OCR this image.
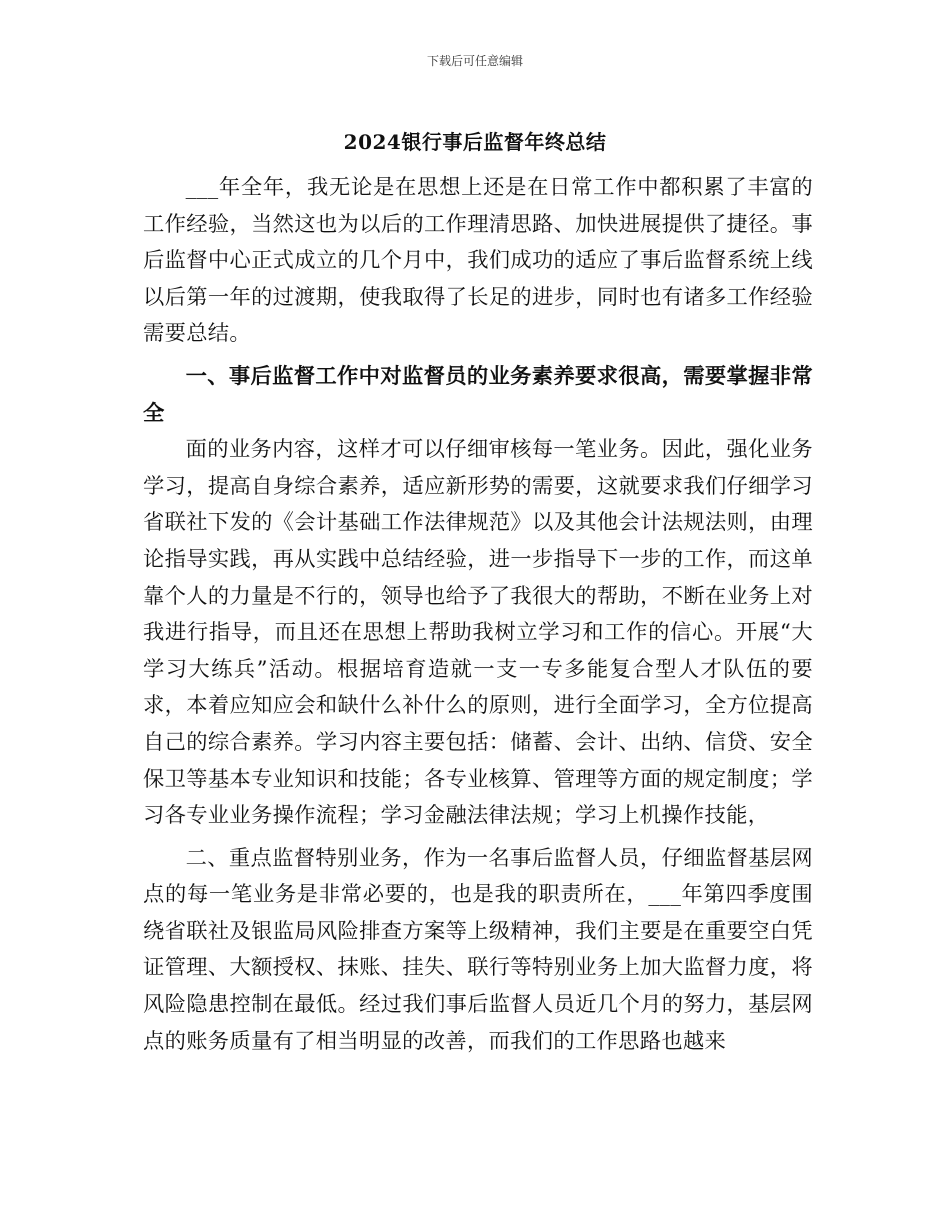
下载后可任意编辑
2024银行事后监督年终总结

___年全年，我无论是在思想上还是在日常工作中都积累了丰富的工作经验，当然这也为以后的工作理清思路、加快进展提供了捷径。事后监督中心正式成立的几个月中，我们成功的适应了事后监督系统上线以后第一年的过渡期，使我取得了长足的进步，同时也有诸多工作经验需要总结。

一、事后监督工作中对监督员的业务素养要求很高，需要掌握非常全

面的业务内容，这样才可以仔细审核每一笔业务。因此，强化业务学习，提高自身综合素养，适应新形势的需要，这就要求我们仔细学习省联社下发的《会计基础工作法律规范》以及其他会计法规法则，由理论指导实践，再从实践中总结经验，进一步指导下一步的工作，而这单靠个人的力量是不行的，领导也给予了我很大的帮助，不断在业务上对我进行指导，而且还在思想上帮助我树立学习和工作的信心。开展“大学习大练兵”活动。根据培育造就一支一专多能复合型人才队伍的要求，本着应知应会和缺什么补什么的原则，进行全面学习，全方位提高自己的综合素养。学习内容主要包括：储蓄、会计、出纳、信贷、安全保卫等基本专业知识和技能；各专业核算、管理等方面的规定制度；学习各专业业务操作流程；学习金融法律法规；学习上机操作技能，

二、重点监督特别业务，作为一名事后监督人员，仔细监督基层网点的每一笔业务是非常必要的，也是我的职责所在，___年第四季度围绕省联社及银监局风险排查方案等上级精神，我们主要是在重要空白凭证管理、大额授权、抹账、挂失、联行等特别业务上加大监督力度，将风险隐患控制在最低。经过我们事后监督人员近几个月的努力，基层网点的账务质量有了相当明显的改善，而我们的工作思路也越来
